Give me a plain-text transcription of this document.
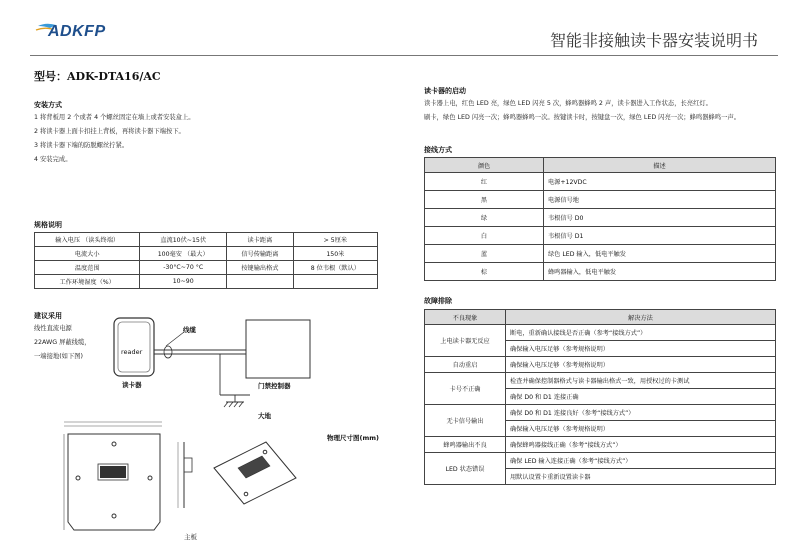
ADKFP	智能非接触读卡器安装说明书
型号：ADK-DTA16/AC
安装方式
1 将背板用 2 个或者 4 个螺丝固定在墙上或者安装盒上。
2 将读卡器上面卡扣挂上背板，再将读卡器下端按下。
3 将读卡器下端的防脱螺丝拧紧。
4 安装完成。
规格说明
输入电压 （读头终端）	直流10伏~15伏	读卡距离	> 5厘米
电流大小	100毫安 （最大）	信号传输距离	150米
温度范围	-30°C~70 °C	按键输出格式	8 位韦根（默认）
工作环境湿度（%）	10~90		
建议采用
线性直流电源
22AWG 屏蔽线缆，
一端接地(如下图)
reader
线缆
读卡器	门禁控制器
大地
物理尺寸图(mm)
主板
读卡器的启动
读卡器上电，红色 LED 亮，绿色 LED 闪亮 5 次，蜂鸣器蜂鸣 2 声，读卡器进入工作状态，长亮红灯。
刷卡，绿色 LED 闪亮一次；蜂鸣器蜂鸣一次。按键读卡时，按键盘一次，绿色 LED 闪亮一次；蜂鸣器蜂鸣一声。
接线方式
颜色	描述
红	电源+12VDC
黑	电源信号地
绿	韦根信号 D0
白	韦根信号 D1
蓝	绿色 LED 输入，低电平触发
棕	蜂鸣器输入，低电平触发
故障排除
不良现象	解决方法
上电读卡器无反应	断电，重新确认接线是否正确（参考“接线方式”）
	确保输入电压足够（参考规格说明）
自动重启	确保输入电压足够（参考规格说明）
卡号不正确	检查并确保控制器格式与读卡器输出格式一致，用授权过的卡测试
	确保 D0 和 D1 连接正确
无卡信号输出	确保 D0 和 D1 连接良好（参考“接线方式”）
	确保输入电压足够（参考规格说明）
蜂鸣器输出不良	确保蜂鸣器接线正确（参考“接线方式”）
LED 状态错误	确保 LED 输入连接正确（参考“接线方式”）
	用默认设置卡重新设置读卡器
